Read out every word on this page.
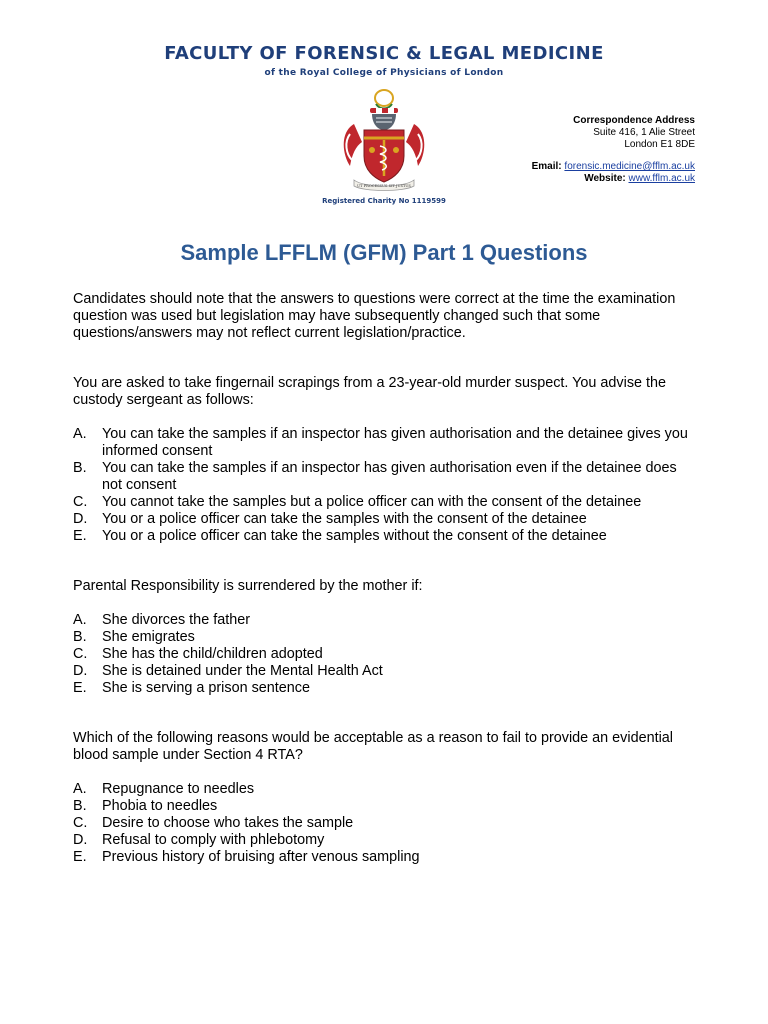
FACULTY OF FORENSIC & LEGAL MEDICINE
of the Royal College of Physicians of London
UT PROCESSUS SIT JUSTUS
Registered Charity No 1119599
Correspondence Address
Suite 416, 1 Alie Street
London E1 8DE
Email: forensic.medicine@fflm.ac.uk
Website: www.fflm.ac.uk
Sample LFFLM (GFM) Part 1 Questions

Candidates should note that the answers to questions were correct at the time the examination question was used but legislation may have subsequently changed such that some questions/answers may not reflect current legislation/practice.

You are asked to take fingernail scrapings from a 23-year-old murder suspect. You advise the custody sergeant as follows:

A. You can take the samples if an inspector has given authorisation and the detainee gives you informed consent
B. You can take the samples if an inspector has given authorisation even if the detainee does not consent
C. You cannot take the samples but a police officer can with the consent of the detainee
D. You or a police officer can take the samples with the consent of the detainee
E. You or a police officer can take the samples without the consent of the detainee

Parental Responsibility is surrendered by the mother if:

A. She divorces the father
B. She emigrates
C. She has the child/children adopted
D. She is detained under the Mental Health Act
E. She is serving a prison sentence

Which of the following reasons would be acceptable as a reason to fail to provide an evidential blood sample under Section 4 RTA?

A. Repugnance to needles
B. Phobia to needles
C. Desire to choose who takes the sample
D. Refusal to comply with phlebotomy
E. Previous history of bruising after venous sampling
